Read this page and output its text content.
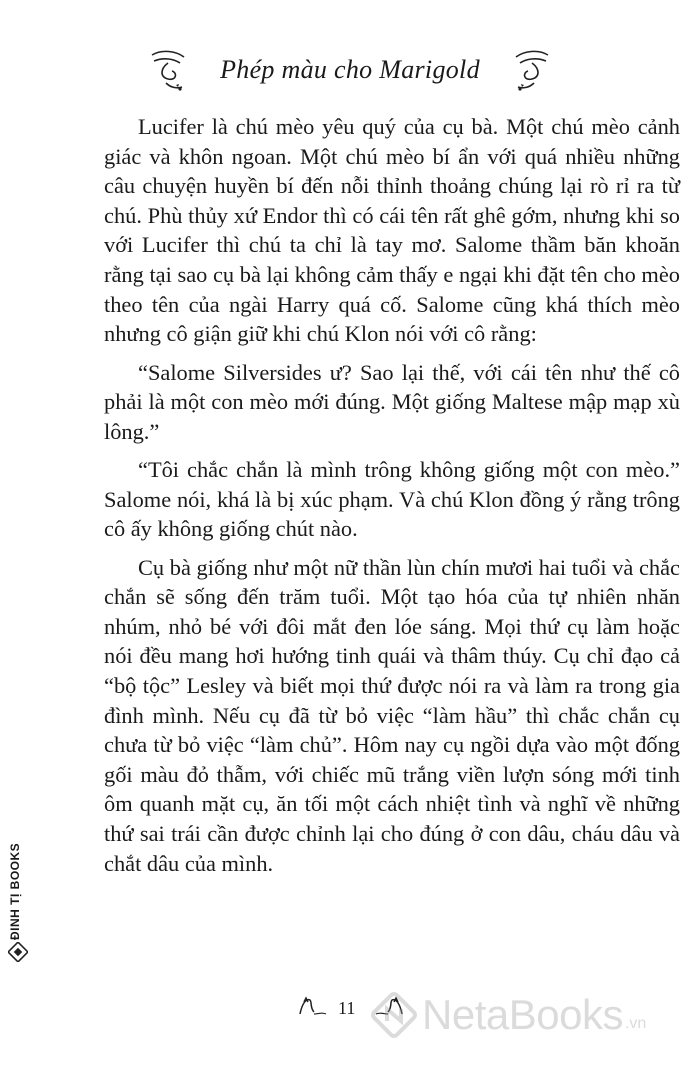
Phép màu cho Marigold

Lucifer là chú mèo yêu quý của cụ bà. Một chú mèo cảnh giác và khôn ngoan. Một chú mèo bí ẩn với quá nhiều những câu chuyện huyền bí đến nỗi thỉnh thoảng chúng lại rò rỉ ra từ chú. Phù thủy xứ Endor thì có cái tên rất ghê gớm, nhưng khi so với Lucifer thì chú ta chỉ là tay mơ. Salome thầm băn khoăn rằng tại sao cụ bà lại không cảm thấy e ngại khi đặt tên cho mèo theo tên của ngài Harry quá cố. Salome cũng khá thích mèo nhưng cô giận giữ khi chú Klon nói với cô rằng:

“Salome Silversides ư? Sao lại thế, với cái tên như thế cô phải là một con mèo mới đúng. Một giống Maltese mập mạp xù lông.”

“Tôi chắc chắn là mình trông không giống một con mèo.” Salome nói, khá là bị xúc phạm. Và chú Klon đồng ý rằng trông cô ấy không giống chút nào.

Cụ bà giống như một nữ thần lùn chín mươi hai tuổi và chắc chắn sẽ sống đến trăm tuổi. Một tạo hóa của tự nhiên nhăn nhúm, nhỏ bé với đôi mắt đen lóe sáng. Mọi thứ cụ làm hoặc nói đều mang hơi hướng tinh quái và thâm thúy. Cụ chỉ đạo cả “bộ tộc” Lesley và biết mọi thứ được nói ra và làm ra trong gia đình mình. Nếu cụ đã từ bỏ việc “làm hầu” thì chắc chắn cụ chưa từ bỏ việc “làm chủ”. Hôm nay cụ ngồi dựa vào một đống gối màu đỏ thẫm, với chiếc mũ trắng viền lượn sóng mới tinh ôm quanh mặt cụ, ăn tối một cách nhiệt tình và nghĩ về những thứ sai trái cần được chỉnh lại cho đúng ở con dâu, cháu dâu và chắt dâu của mình.

ĐINH TỊ BOOKS
11 NetaBooks .vn
